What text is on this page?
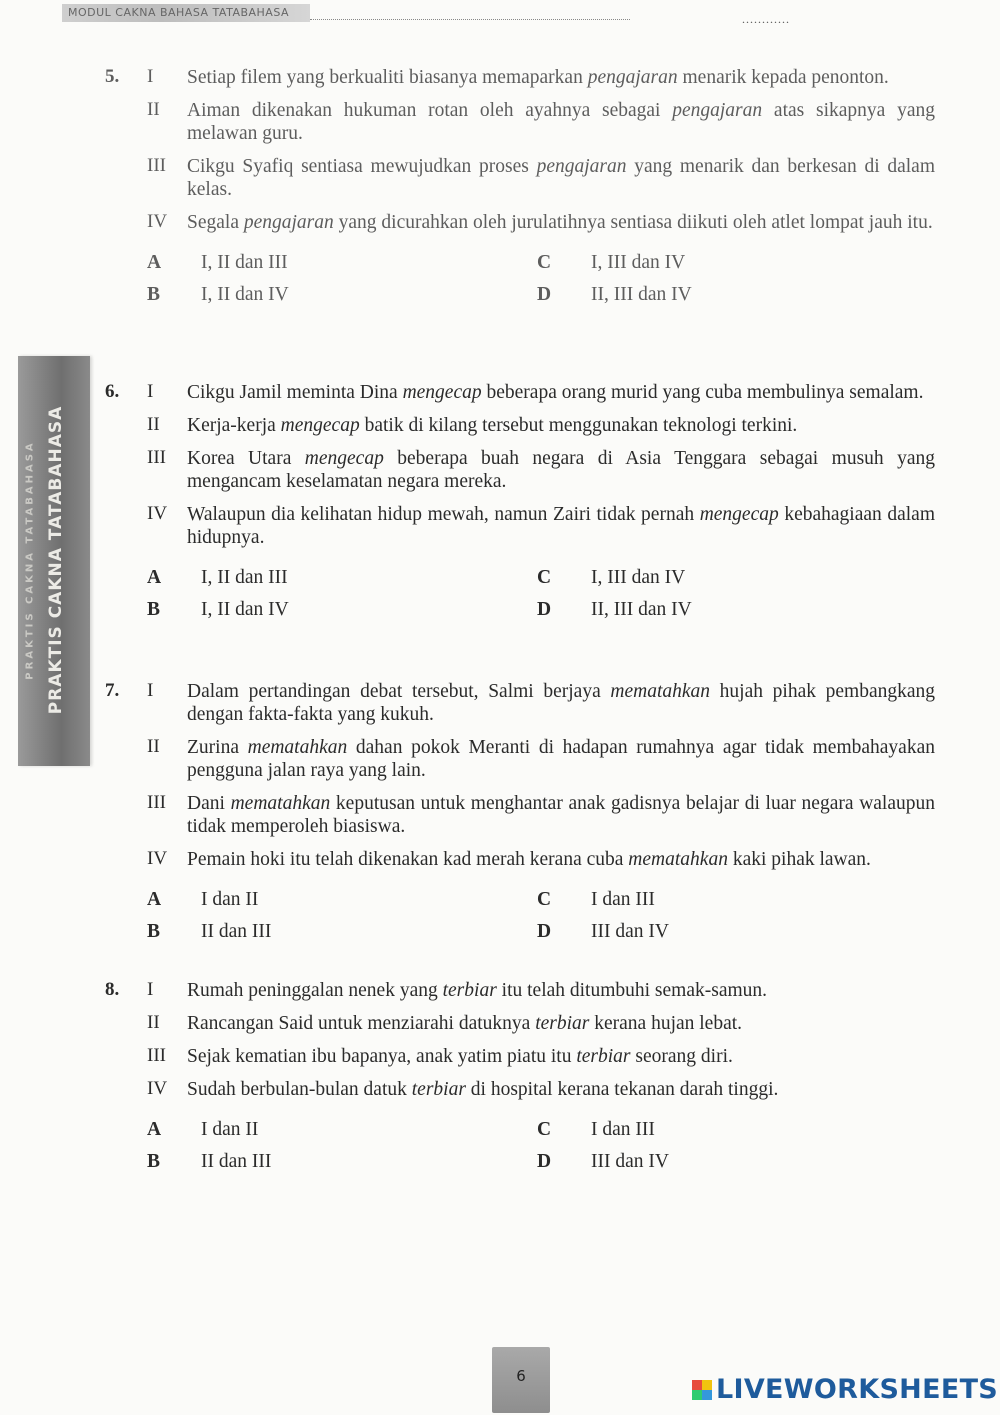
MODUL CAKNA BAHASA TATABAHASA	............
PRAKTIS CAKNA TATABAHASA PRAKTIS CAKNA TATABAHASA
5.	I	Setiap filem yang berkualiti biasanya memaparkan pengajaran menarik kepada penonton.
II	Aiman dikenakan hukuman rotan oleh ayahnya sebagai pengajaran atas sikapnya yang melawan guru.
III	Cikgu Syafiq sentiasa mewujudkan proses pengajaran yang menarik dan berkesan di dalam kelas.
IV	Segala pengajaran yang dicurahkan oleh jurulatihnya sentiasa diikuti oleh atlet lompat jauh itu.
A	I, II dan III
B	I, II dan IV
C	I, III dan IV
D	II, III dan IV
6.	I	Cikgu Jamil meminta Dina mengecap beberapa orang murid yang cuba membulinya semalam.
II	Kerja-kerja mengecap batik di kilang tersebut menggunakan teknologi terkini.
III	Korea Utara mengecap beberapa buah negara di Asia Tenggara sebagai musuh yang mengancam keselamatan negara mereka.
IV	Walaupun dia kelihatan hidup mewah, namun Zairi tidak pernah mengecap kebahagiaan dalam hidupnya.
A	I, II dan III
B	I, II dan IV
C	I, III dan IV
D	II, III dan IV
7.	I	Dalam pertandingan debat tersebut, Salmi berjaya mematahkan hujah pihak pembangkang dengan fakta-fakta yang kukuh.
II	Zurina mematahkan dahan pokok Meranti di hadapan rumahnya agar tidak membahayakan pengguna jalan raya yang lain.
III	Dani mematahkan keputusan untuk menghantar anak gadisnya belajar di luar negara walaupun tidak memperoleh biasiswa.
IV	Pemain hoki itu telah dikenakan kad merah kerana cuba mematahkan kaki pihak lawan.
A	I dan II
B	II dan III
C	I dan III
D	III dan IV
8.	I	Rumah peninggalan nenek yang terbiar itu telah ditumbuhi semak-samun.
II	Rancangan Said untuk menziarahi datuknya terbiar kerana hujan lebat.
III	Sejak kematian ibu bapanya, anak yatim piatu itu terbiar seorang diri.
IV	Sudah berbulan-bulan datuk terbiar di hospital kerana tekanan darah tinggi.
A	I dan II
B	II dan III
C	I dan III
D	III dan IV
6	LIVEWORKSHEETS
